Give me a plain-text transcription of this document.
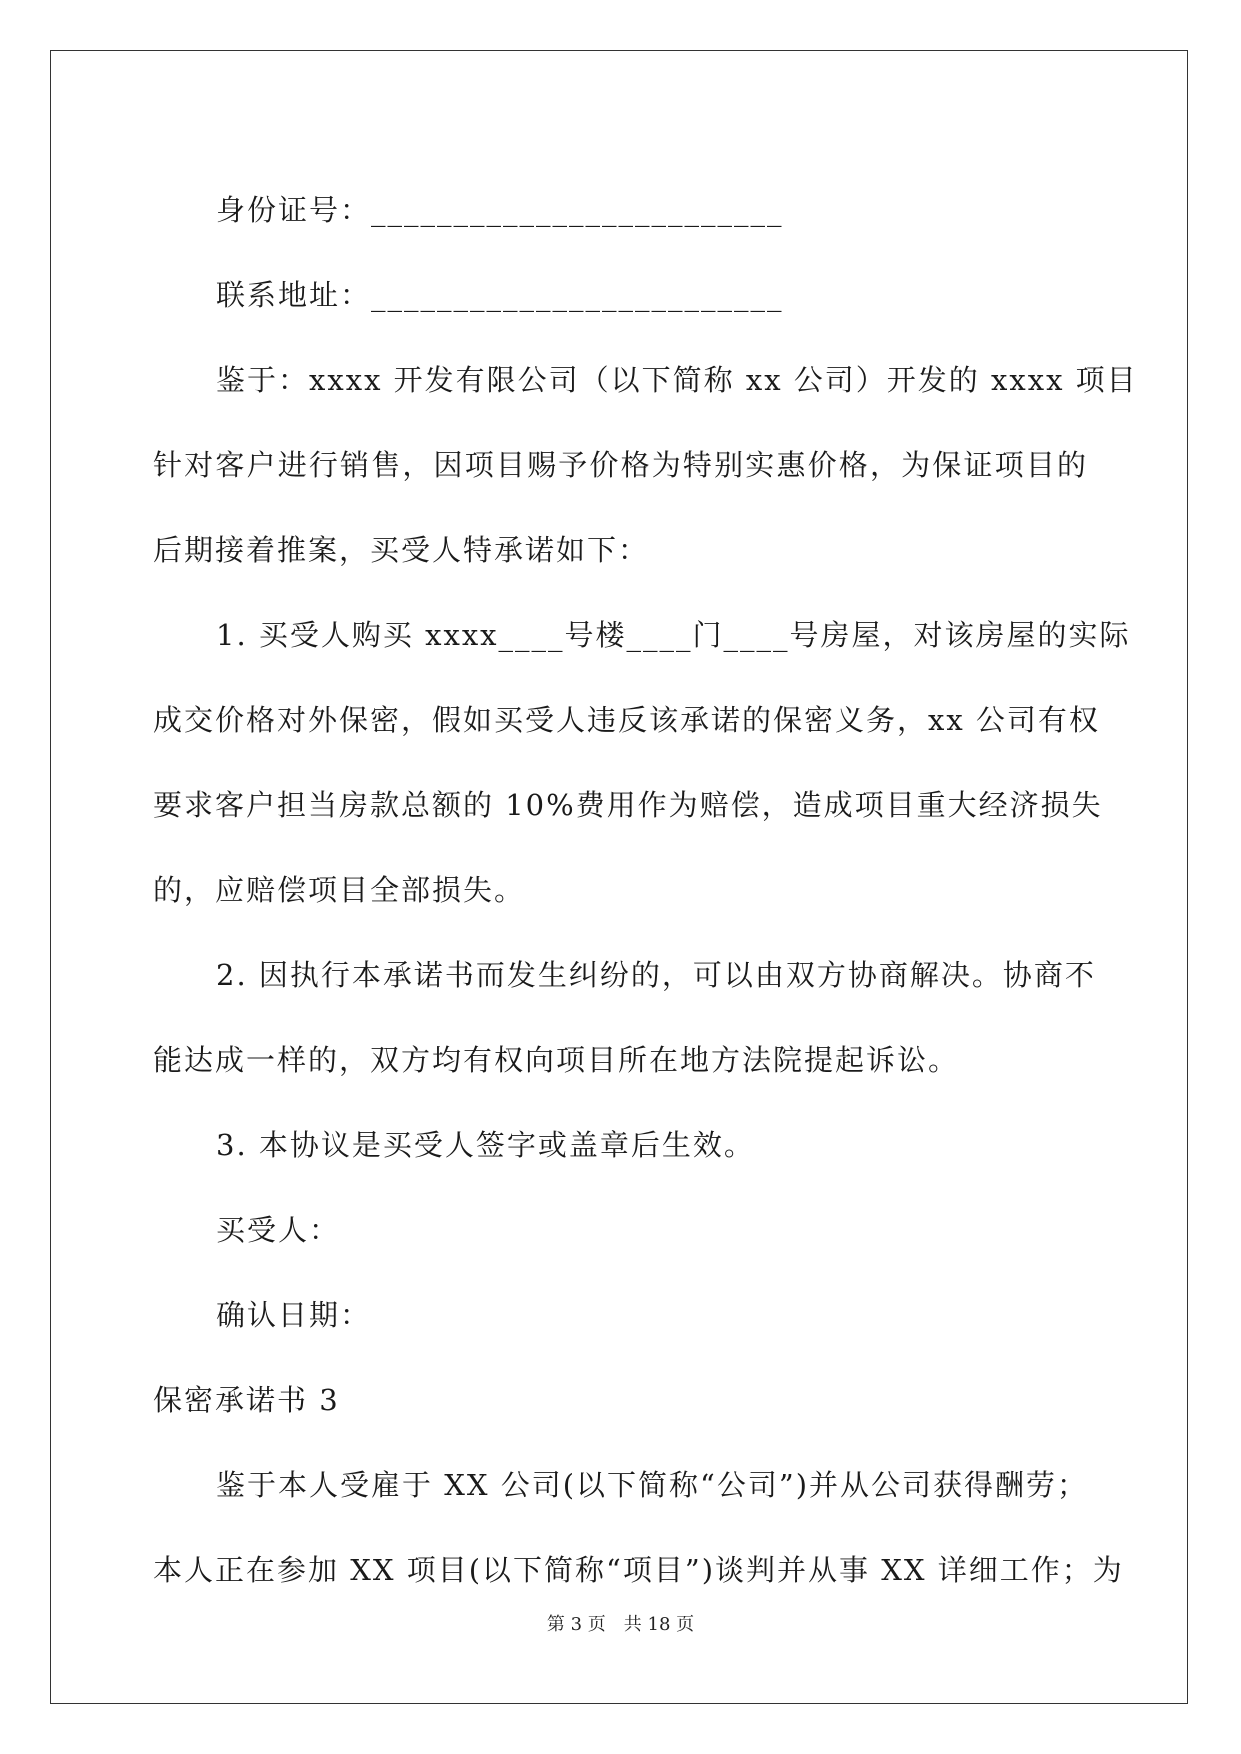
身份证号：_________________________

联系地址：_________________________

鉴于：xxxx 开发有限公司（以下简称 xx 公司）开发的 xxxx 项目

针对客户进行销售，因项目赐予价格为特别实惠价格，为保证项目的

后期接着推案，买受人特承诺如下：

1. 买受人购买 xxxx____号楼____门____号房屋，对该房屋的实际

成交价格对外保密，假如买受人违反该承诺的保密义务，xx 公司有权

要求客户担当房款总额的 10%费用作为赔偿，造成项目重大经济损失

的，应赔偿项目全部损失。

2. 因执行本承诺书而发生纠纷的，可以由双方协商解决。协商不

能达成一样的，双方均有权向项目所在地方法院提起诉讼。

3. 本协议是买受人签字或盖章后生效。

买受人：

确认日期：

保密承诺书 3

鉴于本人受雇于 XX 公司(以下简称“公司”)并从公司获得酬劳；

本人正在参加 XX 项目(以下简称“项目”)谈判并从事 XX 详细工作；为

第 3 页　共 18 页
